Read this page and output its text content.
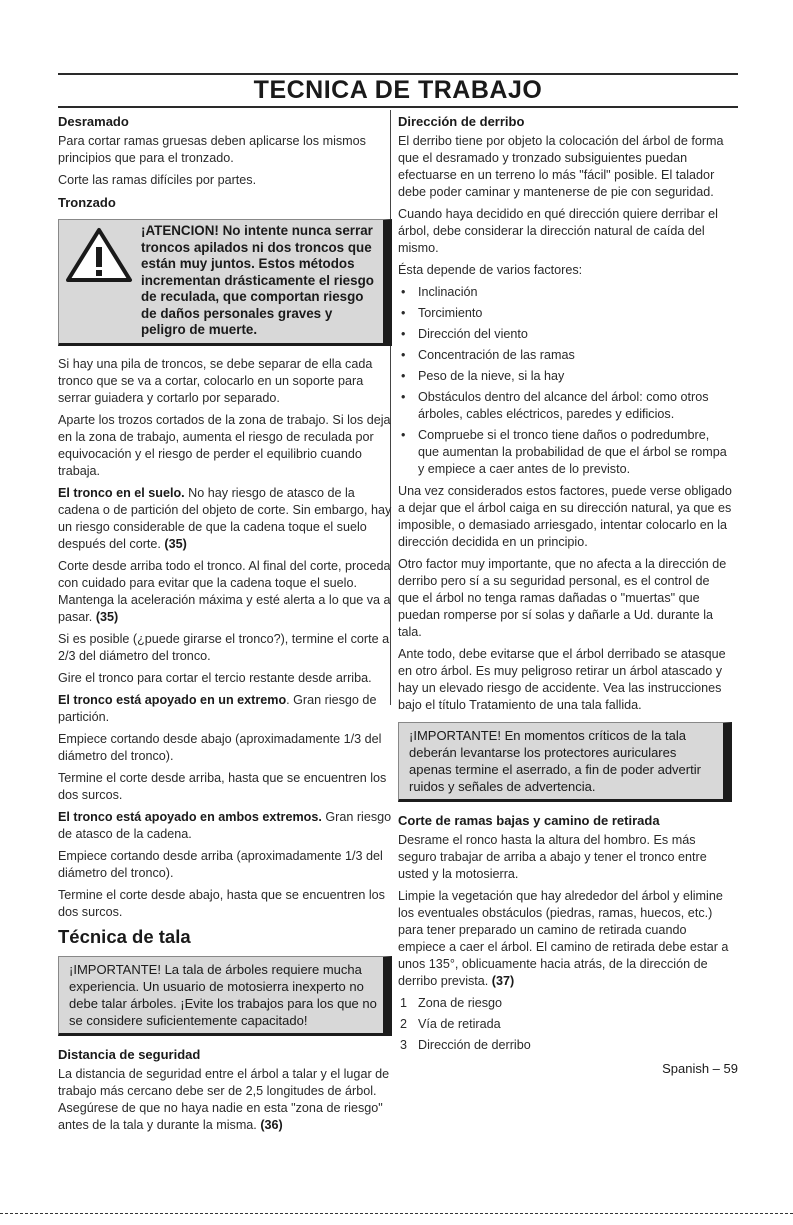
TECNICA DE TRABAJO
Desramado

Para cortar ramas gruesas deben aplicarse los mismos principios que para el tronzado.

Corte las ramas difíciles por partes.

Tronzado
¡ATENCION! No intente nunca serrar troncos apilados ni dos troncos que están muy juntos. Estos métodos incrementan drásticamente el riesgo de reculada, que comportan riesgo de daños personales graves y peligro de muerte.

Si hay una pila de troncos, se debe separar de ella cada tronco que se va a cortar, colocarlo en un soporte para serrar guiadera y cortarlo por separado.

Aparte los trozos cortados de la zona de trabajo. Si los deja en la zona de trabajo, aumenta el riesgo de reculada por equivocación y el riesgo de perder el equilibrio cuando trabaja.

El tronco en el suelo. No hay riesgo de atasco de la cadena o de partición del objeto de corte. Sin embargo, hay un riesgo considerable de que la cadena toque el suelo después del corte. (35)

Corte desde arriba todo el tronco. Al final del corte, proceda con cuidado para evitar que la cadena toque el suelo. Mantenga la aceleración máxima y esté alerta a lo que va a pasar. (35)

Si es posible (¿puede girarse el tronco?), termine el corte a 2/3 del diámetro del tronco.

Gire el tronco para cortar el tercio restante desde arriba.

El tronco está apoyado en un extremo. Gran riesgo de partición.

Empiece cortando desde abajo (aproximadamente 1/3 del diámetro del tronco).

Termine el corte desde arriba, hasta que se encuentren los dos surcos.

El tronco está apoyado en ambos extremos. Gran riesgo de atasco de la cadena.

Empiece cortando desde arriba (aproximadamente 1/3 del diámetro del tronco).

Termine el corte desde abajo, hasta que se encuentren los dos surcos.

Técnica de tala
¡IMPORTANTE! La tala de árboles requiere mucha experiencia. Un usuario de motosierra inexperto no debe talar árboles. ¡Evite los trabajos para los que no se considere suficientemente capacitado!
Distancia de seguridad

La distancia de seguridad entre el árbol a talar y el lugar de trabajo más cercano debe ser de 2,5 longitudes de árbol. Asegúrese de que no haya nadie en esta "zona de riesgo" antes de la tala y durante la misma. (36)

Dirección de derribo

El derribo tiene por objeto la colocación del árbol de forma que el desramado y tronzado subsiguientes puedan efectuarse en un terreno lo más "fácil" posible. El talador debe poder caminar y mantenerse de pie con seguridad.

Cuando haya decidido en qué dirección quiere derribar el árbol, debe considerar la dirección natural de caída del mismo.

Ésta depende de varios factores:

• Inclinación
• Torcimiento
• Dirección del viento
• Concentración de las ramas
• Peso de la nieve, si la hay
• Obstáculos dentro del alcance del árbol: como otros árboles, cables eléctricos, paredes y edificios.
• Compruebe si el tronco tiene daños o podredumbre, que aumentan la probabilidad de que el árbol se rompa y empiece a caer antes de lo previsto.

Una vez considerados estos factores, puede verse obligado a dejar que el árbol caiga en su dirección natural, ya que es imposible, o demasiado arriesgado, intentar colocarlo en la dirección decidida en un principio.

Otro factor muy importante, que no afecta a la dirección de derribo pero sí a su seguridad personal, es el control de que el árbol no tenga ramas dañadas o "muertas" que puedan romperse por sí solas y dañarle a Ud. durante la tala.

Ante todo, debe evitarse que el árbol derribado se atasque en otro árbol. Es muy peligroso retirar un árbol atascado y hay un elevado riesgo de accidente. Vea las instrucciones bajo el título Tratamiento de una tala fallida.

¡IMPORTANTE! En momentos críticos de la tala deberán levantarse los protectores auriculares apenas termine el aserrado, a fin de poder advertir ruidos y señales de advertencia.
Corte de ramas bajas y camino de retirada

Desrame el ronco hasta la altura del hombro. Es más seguro trabajar de arriba a abajo y tener el tronco entre usted y la motosierra.

Limpie la vegetación que hay alrededor del árbol y elimine los eventuales obstáculos (piedras, ramas, huecos, etc.) para tener preparado un camino de retirada cuando empiece a caer el árbol. El camino de retirada debe estar a unos 135°, oblicuamente hacia atrás, de la dirección de derribo prevista. (37)

1 Zona de riesgo
2 Vía de retirada
3 Dirección de derribo
Spanish – 59
